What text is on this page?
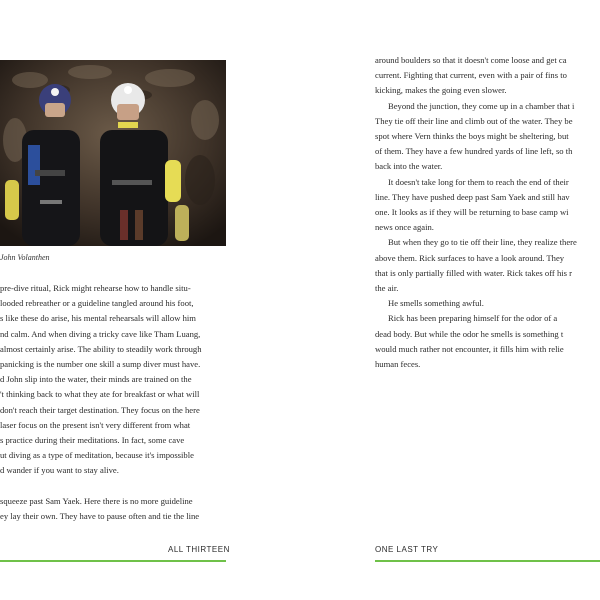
John Volanthen
pre-dive ritual, Rick might rehearse how to handle situ-
looded rebreather or a guideline tangled around his foot,
s like these do arise, his mental rehearsals will allow him
nd calm. And when diving a tricky cave like Tham Luang,
almost certainly arise. The ability to steadily work through
panicking is the number one skill a sump diver must have.
d John slip into the water, their minds are trained on the
't thinking back to what they ate for breakfast or what will
don't reach their target destination. They focus on the here
laser focus on the present isn't very different from what
s practice during their meditations. In fact, some cave
ut diving as a type of meditation, because it's impossible
d wander if you want to stay alive.
squeeze past Sam Yaek. Here there is no more guideline
ey lay their own. They have to pause often and tie the line
ALL THIRTEEN

around boulders so that it doesn't come loose and get ca
current. Fighting that current, even with a pair of fins to
kicking, makes the going even slower.

Beyond the junction, they come up in a chamber that i
They tie off their line and climb out of the water. They be
spot where Vern thinks the boys might be sheltering, but
of them. They have a few hundred yards of line left, so th
back into the water.

It doesn't take long for them to reach the end of their
line. They have pushed deep past Sam Yaek and still hav
one. It looks as if they will be returning to base camp wi
news once again.

But when they go to tie off their line, they realize there
above them. Rick surfaces to have a look around. They
that is only partially filled with water. Rick takes off his r
the air.

He smells something awful.

Rick has been preparing himself for the odor of a
dead body. But while the odor he smells is something t
would much rather not encounter, it fills him with relie
human feces.

ONE LAST TRY
